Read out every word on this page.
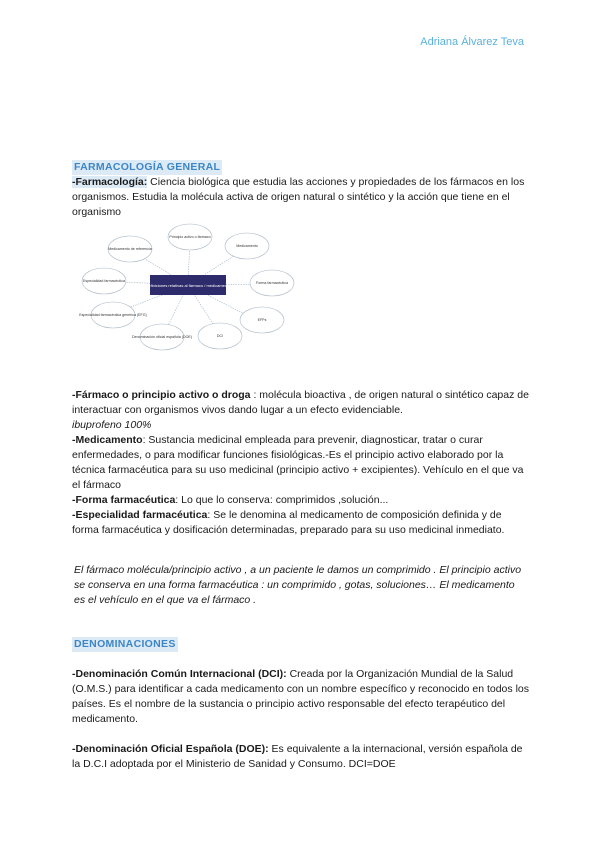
Adriana Álvarez Teva
FARMACOLOGÍA GENERAL

-Farmacología: Ciencia biológica que estudia las acciones y propiedades de los fármacos en los organismos. Estudia la molécula activa de origen natural o sintético y la acción que tiene en el organismo

Definiciones relativas al fármaco / medicamento
Principio activo o fármaco
Medicamento
Forma farmacéutica
EFPs
DCI
Denominación oficial española (DOE)
Especialidad farmacéutica genérica (EFG)
Especialidad farmacéutica
Medicamento de referencia

-Fármaco o principio activo o droga : molécula bioactiva , de origen natural o sintético capaz de interactuar con organismos vivos dando lugar a un efecto evidenciable.

ibuprofeno 100%

-Medicamento: Sustancia medicinal empleada para prevenir, diagnosticar, tratar o curar enfermedades, o para modificar funciones fisiológicas.-Es el principio activo elaborado por la técnica farmacéutica para su uso medicinal (principio activo + excipientes). Vehículo en el que va el fármaco

-Forma farmacéutica: Lo que lo conserva: comprimidos ,solución...

-Especialidad farmacéutica: Se le denomina al medicamento de composición definida y de forma farmacéutica y dosificación determinadas, preparado para su uso medicinal inmediato.

El fármaco molécula/principio activo , a un paciente le damos un comprimido . El principio activo se conserva en una forma farmacéutica : un comprimido , gotas, soluciones… El medicamento es el vehículo en el que va el fármaco .

DENOMINACIONES

-Denominación Común Internacional (DCI): Creada por la Organización Mundial de la Salud (O.M.S.) para identificar a cada medicamento con un nombre específico y reconocido en todos los países. Es el nombre de la sustancia o principio activo responsable del efecto terapéutico del medicamento.

-Denominación Oficial Española (DOE): Es equivalente a la internacional, versión española de la D.C.I adoptada por el Ministerio de Sanidad y Consumo. DCI=DOE
